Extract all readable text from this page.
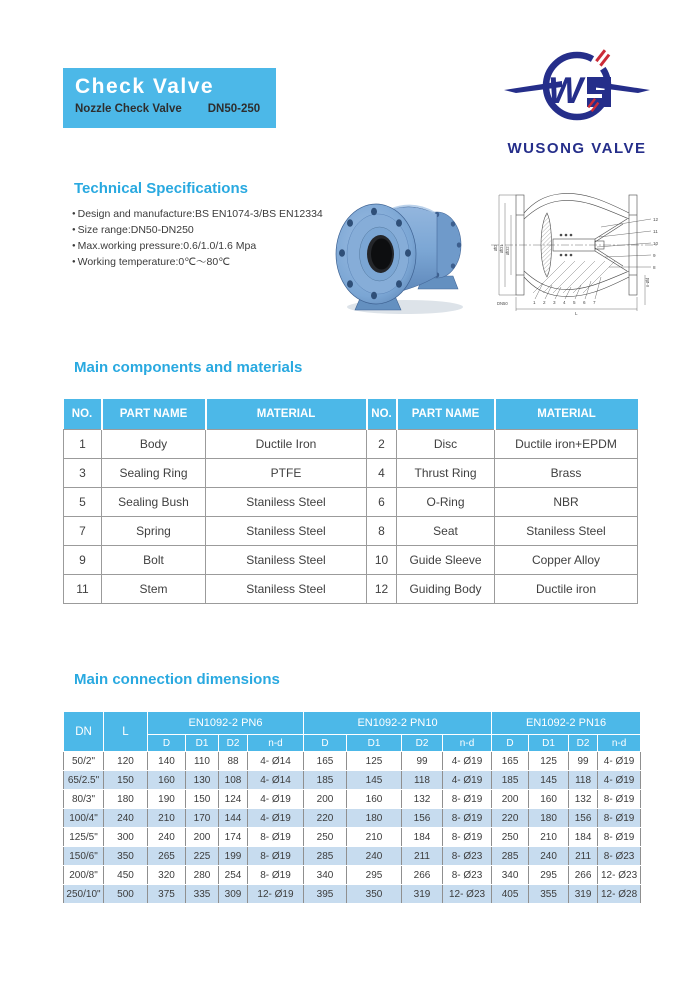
Check Valve
Nozzle Check Valve DN50-250	W
WUSONG VALVE
Technical Specifications
● Design and manufacture:BS EN1074-3/BS EN12334
● Size range:DN50-DN250
● Max.working pressure:0.6/1.0/1.6 Mpa
● Working temperature:0℃～80℃
ØD ØD1 ØD2
L
n-Ød
DN50
12
11
10
9
8
1 2 3 4 5 6 7
Main components and materials
NO.	PART NAME	MATERIAL	NO.	PART NAME	MATERIAL
1	Body	Ductile Iron	2	Disc	Ductile iron+EPDM
3	Sealing Ring	PTFE	4	Thrust Ring	Brass
5	Sealing Bush	Staniless Steel	6	O-Ring	NBR
7	Spring	Staniless Steel	8	Seat	Staniless Steel
9	Bolt	Staniless Steel	10	Guide Sleeve	Copper Alloy
11	Stem	Staniless Steel	12	Guiding Body	Ductile iron
Main connection dimensions
DN	L	EN1092-2 PN6				EN1092-2 PN10				EN1092-2 PN16			
		D	D1	D2	n-d	D	D1	D2	n-d	D	D1	D2	n-d
50/2"	120	140	110	88	4- Ø14	165	125	99	4- Ø19	165	125	99	4- Ø19
65/2.5"	150	160	130	108	4- Ø14	185	145	118	4- Ø19	185	145	118	4- Ø19
80/3"	180	190	150	124	4- Ø19	200	160	132	8- Ø19	200	160	132	8- Ø19
100/4"	240	210	170	144	4- Ø19	220	180	156	8- Ø19	220	180	156	8- Ø19
125/5"	300	240	200	174	8- Ø19	250	210	184	8- Ø19	250	210	184	8- Ø19
150/6"	350	265	225	199	8- Ø19	285	240	211	8- Ø23	285	240	211	8- Ø23
200/8"	450	320	280	254	8- Ø19	340	295	266	8- Ø23	340	295	266	12- Ø23
250/10"	500	375	335	309	12- Ø19	395	350	319	12- Ø23	405	355	319	12- Ø28
